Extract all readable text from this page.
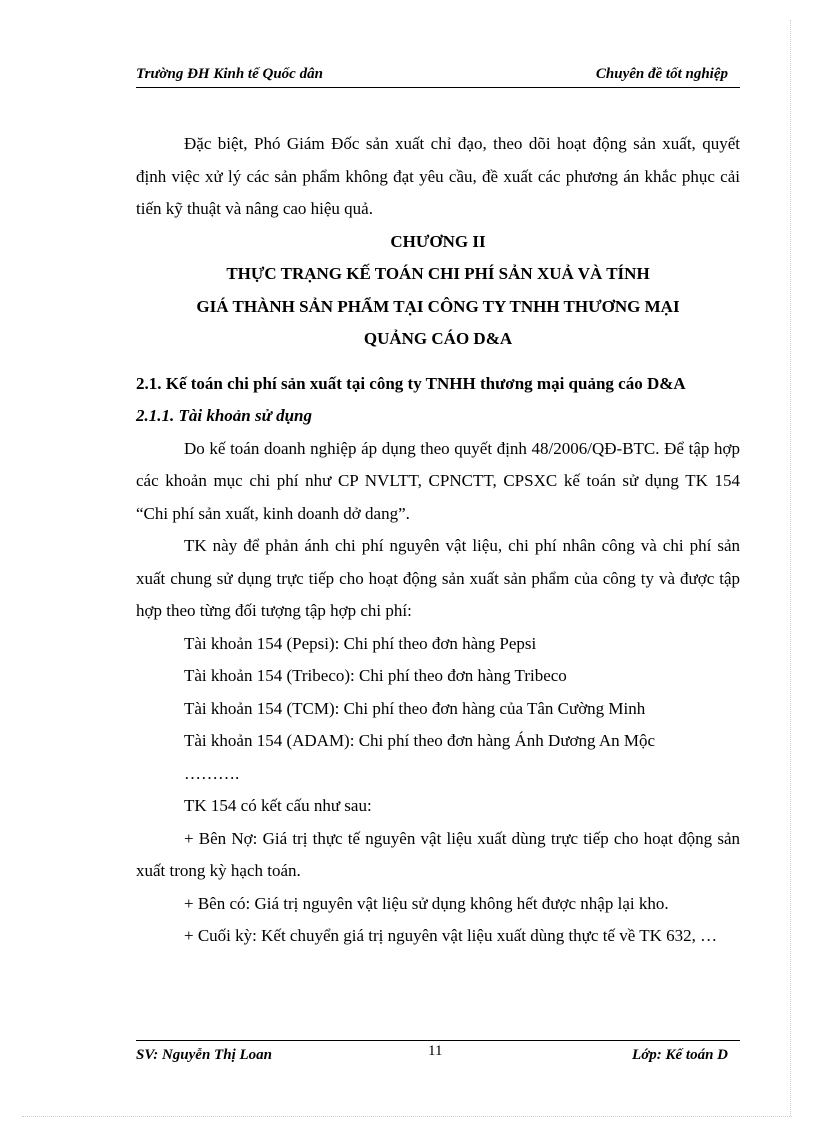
Trường ĐH Kinh tế Quốc dân	Chuyên đề tốt nghiệp

Đặc biệt, Phó Giám Đốc sản xuất chỉ đạo, theo dõi hoạt động sản xuất, quyết định việc xử lý các sản phẩm không đạt yêu cầu, đề xuất các phương án khắc phục cải tiến kỹ thuật và nâng cao hiệu quả.

CHƯƠNG II

THỰC TRẠNG KẾ TOÁN CHI PHÍ SẢN XUẢ VÀ TÍNH

GIÁ THÀNH SẢN PHẨM TẠI CÔNG TY TNHH THƯƠNG MẠI

QUẢNG CÁO D&A

2.1. Kế toán chi phí sản xuất tại công ty TNHH thương mại quảng cáo D&A

2.1.1. Tài khoản sử dụng

Do kế toán doanh nghiệp áp dụng theo quyết định 48/2006/QĐ-BTC. Để tập hợp các khoản mục chi phí như CP NVLTT, CPNCTT, CPSXC kế toán sử dụng TK 154 “Chi phí sản xuất, kinh doanh dở dang”.

TK này để phản ánh chi phí nguyên vật liệu, chi phí nhân công và chi phí sản xuất chung sử dụng trực tiếp cho hoạt động sản xuất sản phẩm của công ty và được tập hợp theo từng đối tượng tập hợp chi phí:

Tài khoản 154 (Pepsi): Chi phí theo đơn hàng Pepsi

Tài khoản 154 (Tribeco): Chi phí theo đơn hàng Tribeco

Tài khoản 154 (TCM): Chi phí theo đơn hàng của Tân Cường Minh

Tài khoản 154 (ADAM): Chi phí theo đơn hàng Ánh Dương An Mộc

……….

TK 154 có kết cấu như sau:

+ Bên Nợ: Giá trị thực tế nguyên vật liệu xuất dùng trực tiếp cho hoạt động sản xuất trong kỳ hạch toán.

+ Bên có: Giá trị nguyên vật liệu sử dụng không hết được nhập lại kho.

+ Cuối kỳ: Kết chuyển giá trị nguyên vật liệu xuất dùng thực tế về TK 632, …

SV: Nguyễn Thị Loan	11	Lớp: Kế toán D
